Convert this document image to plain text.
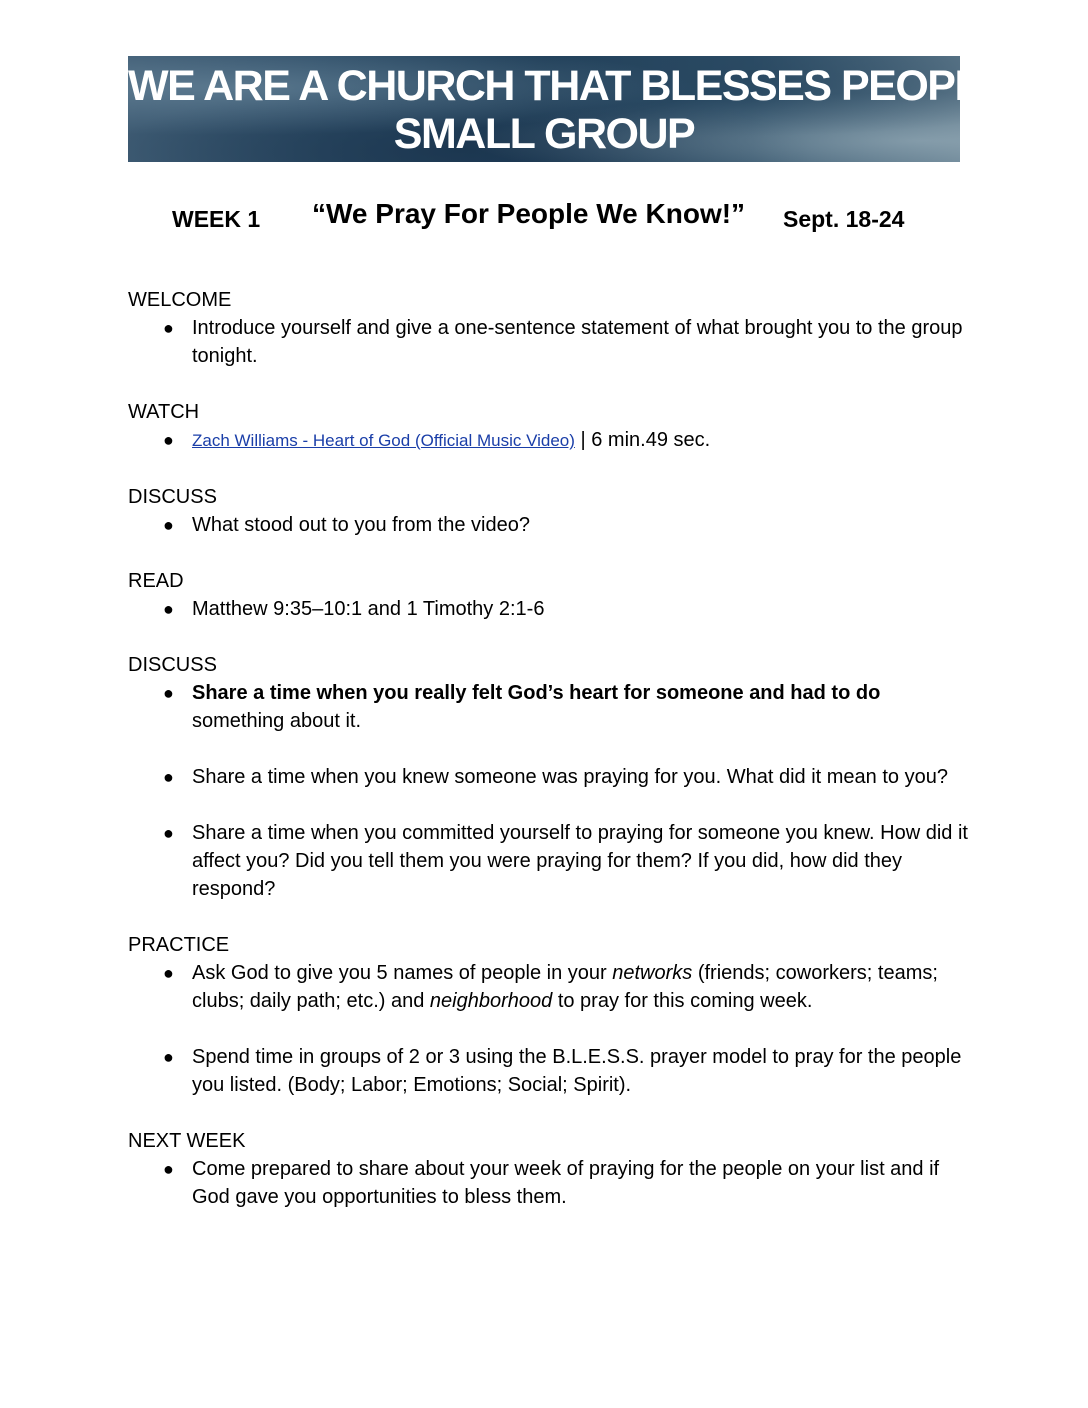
WE ARE A CHURCH THAT BLESSES PEOPLE
SMALL GROUP
WEEK 1 “We Pray For People We Know!” Sept. 18-24
WELCOME
● Introduce yourself and give a one-sentence statement of what brought you to the group tonight.
WATCH
● Zach Williams - Heart of God (Official Music Video) | 6 min.49 sec.
DISCUSS
● What stood out to you from the video?
READ
● Matthew 9:35–10:1 and 1 Timothy 2:1-6
DISCUSS
● Share a time when you really felt God’s heart for someone and had to do
something about it.
● Share a time when you knew someone was praying for you. What did it mean to you?
● Share a time when you committed yourself to praying for someone you knew. How did it affect you? Did you tell them you were praying for them? If you did, how did they respond?
PRACTICE
● Ask God to give you 5 names of people in your networks (friends; coworkers; teams; clubs; daily path; etc.) and neighborhood to pray for this coming week.
● Spend time in groups of 2 or 3 using the B.L.E.S.S. prayer model to pray for the people you listed. (Body; Labor; Emotions; Social; Spirit).
NEXT WEEK
● Come prepared to share about your week of praying for the people on your list and if God gave you opportunities to bless them.
